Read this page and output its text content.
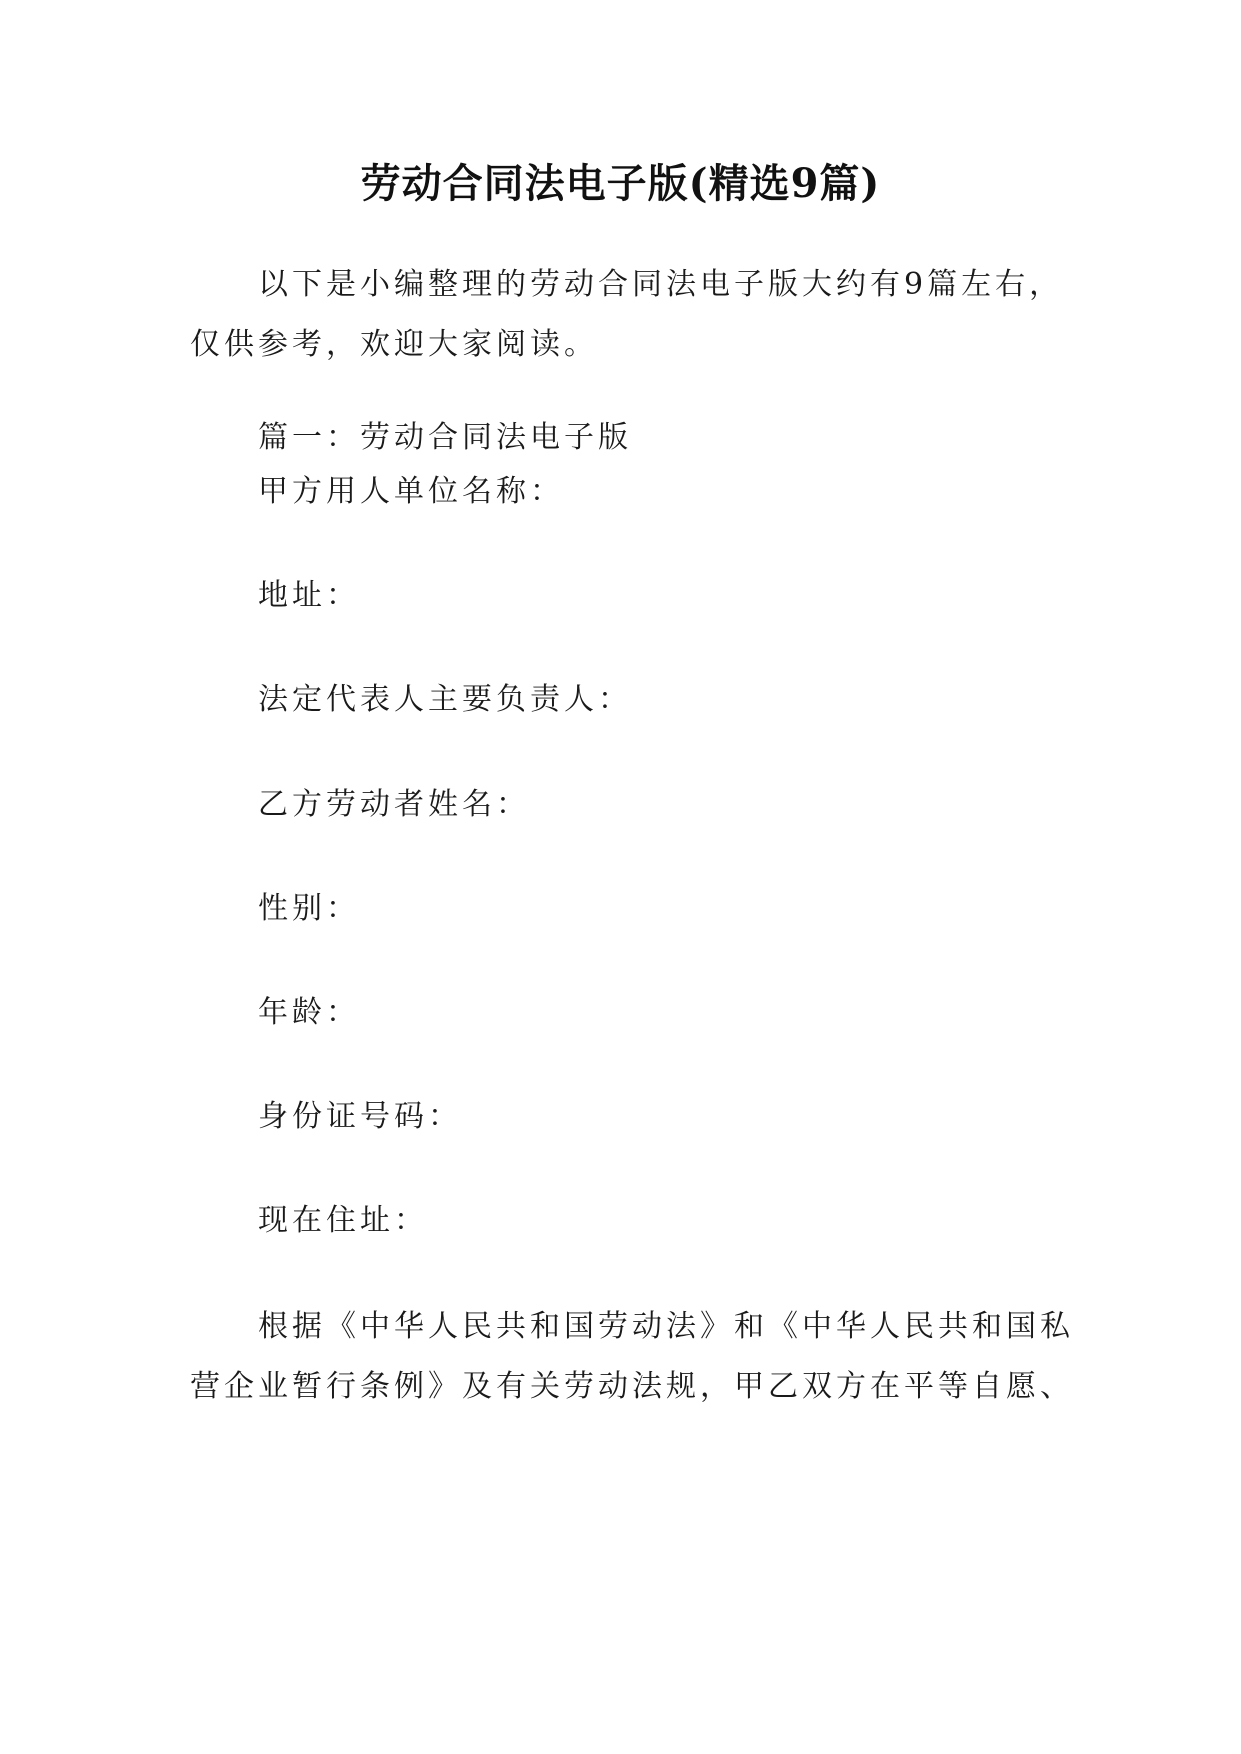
劳动合同法电子版(精选9篇)
以下是小编整理的劳动合同法电子版大约有9篇左右，
仅供参考，欢迎大家阅读。
篇一：劳动合同法电子版
甲方用人单位名称：
地址：
法定代表人主要负责人：
乙方劳动者姓名：
性别：
年龄：
身份证号码：
现在住址：
根据《中华人民共和国劳动法》和《中华人民共和国私
营企业暂行条例》及有关劳动法规，甲乙双方在平等自愿、
